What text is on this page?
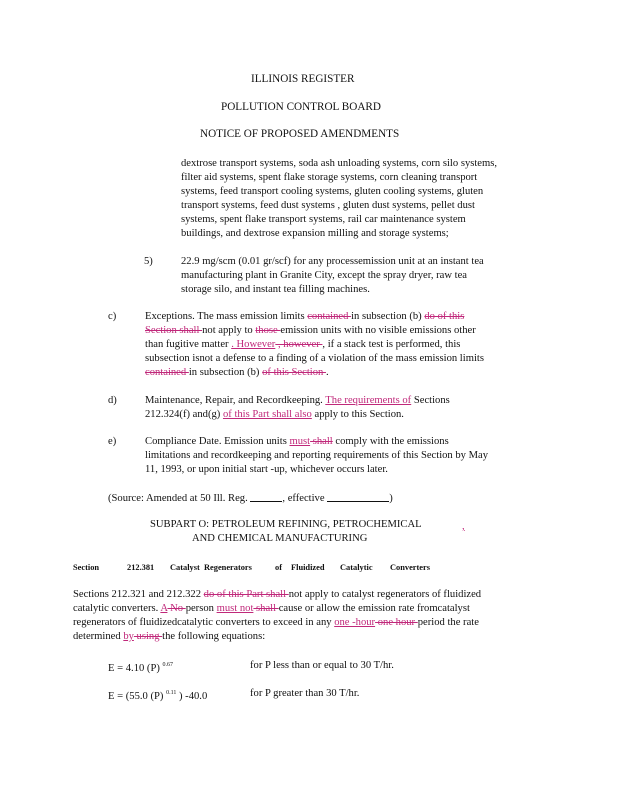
ILLINOIS REGISTER
POLLUTION CONTROL BOARD
NOTICE OF PROPOSED AMENDMENTS
dextrose transport systems, soda ash unloading systems, corn silo systems,
filter aid systems, spent flake storage systems, corn cleaning transport
systems, feed transport cooling systems, gluten cooling systems, gluten
transport systems, feed dust systems , gluten dust systems, pellet dust
systems, spent flake transport systems, rail car maintenance system
buildings, and dextrose expansion milling and storage systems;
5)	22.9 mg/scm (0.01 gr/scf) for any processemission unit at an instant tea
manufacturing plant in Granite City, except the spray dryer, raw tea
storage silo, and instant tea filling machines.
c)	Exceptions. The mass emission limits contained in subsection (b) do of this
Section shall not apply to those emission units with no visible emissions other
than fugitive matter . However , however , if a stack test is performed, this
subsection isnot a defense to a finding of a violation of the mass emission limits
contained in subsection (b) of this Section .
d)	Maintenance, Repair, and Recordkeeping. The requirements of Sections
212.324(f) and(g) of this Part shall also apply to this Section.
e)	Compliance Date. Emission units must shall comply with the emissions
limitations and recordkeeping and reporting requirements of this Section by May
11, 1993, or upon initial start -up, whichever occurs later.
(Source: Amended at 50 Ill. Reg.	, effective	)
SUBPART O: PETROLEUM REFINING, PETROCHEMICAL	,
AND CHEMICAL MANUFACTURING
Section	212.381 Catalyst Regenerators	of Fluidized Catalytic Converters
Sections 212.321 and 212.322 do of this Part shall not apply to catalyst regenerators of fluidized
catalytic converters. A No person must not shall cause or allow the emission rate fromcatalyst
regenerators of fluidizedcatalytic converters to exceed in any one -hour one hour period the rate
determined by using the following equations:
E = 4.10 (P) $^{0.67}$	for P less than or equal to 30 T/hr.
E = (55.0 (P) $^{0.11}$ ) -40.0	for P greater than 30 T/hr.
